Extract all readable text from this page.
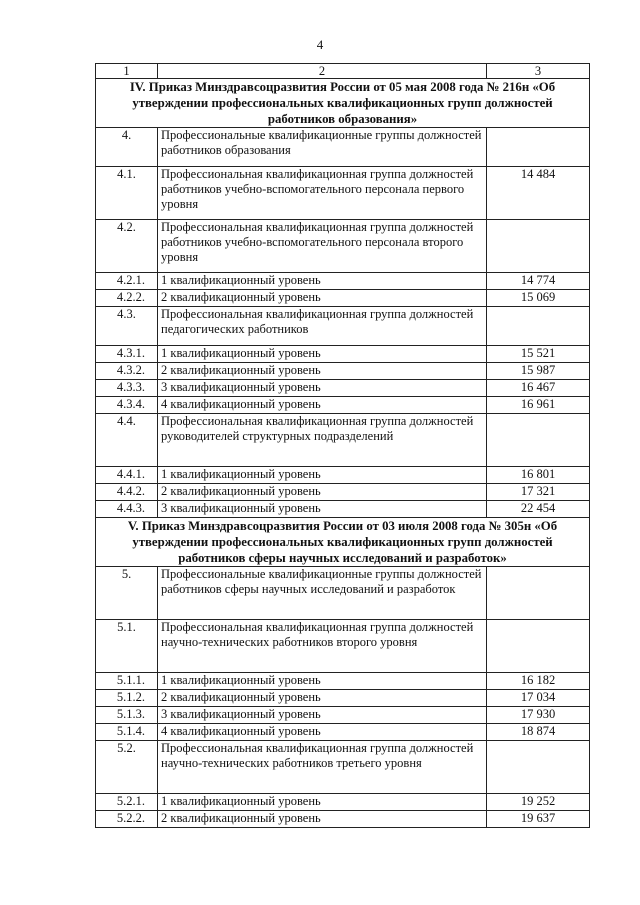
4
1	2	3
IV. Приказ Минздравсоцразвития России от 05 мая 2008 года № 216н «Об утверждении профессиональных квалификационных групп должностей работников образования»		
4.	Профессиональные квалификационные группы должностей работников образования	
4.1.	Профессиональная квалификационная группа должностей работников учебно-вспомогательного персонала первого уровня	14 484
4.2.	Профессиональная квалификационная группа должностей работников учебно-вспомогательного персонала второго уровня	
4.2.1.	1 квалификационный уровень	14 774
4.2.2.	2 квалификационный уровень	15 069
4.3.	Профессиональная квалификационная группа должностей педагогических работников	
4.3.1.	1 квалификационный уровень	15 521
4.3.2.	2 квалификационный уровень	15 987
4.3.3.	3 квалификационный уровень	16 467
4.3.4.	4 квалификационный уровень	16 961
4.4.	Профессиональная квалификационная группа должностей руководителей структурных подразделений	
4.4.1.	1 квалификационный уровень	16 801
4.4.2.	2 квалификационный уровень	17 321
4.4.3.	3 квалификационный уровень	22 454
V. Приказ Минздравсоцразвития России от 03 июля 2008 года № 305н «Об утверждении профессиональных квалификационных групп должностей работников сферы научных исследований и разработок»		
5.	Профессиональные квалификационные группы должностей работников сферы научных исследований и разработок	
5.1.	Профессиональная квалификационная группа должностей научно-технических работников второго уровня	
5.1.1.	1 квалификационный уровень	16 182
5.1.2.	2 квалификационный уровень	17 034
5.1.3.	3 квалификационный уровень	17 930
5.1.4.	4 квалификационный уровень	18 874
5.2.	Профессиональная квалификационная группа должностей научно-технических работников третьего уровня	
5.2.1.	1 квалификационный уровень	19 252
5.2.2.	2 квалификационный уровень	19 637
